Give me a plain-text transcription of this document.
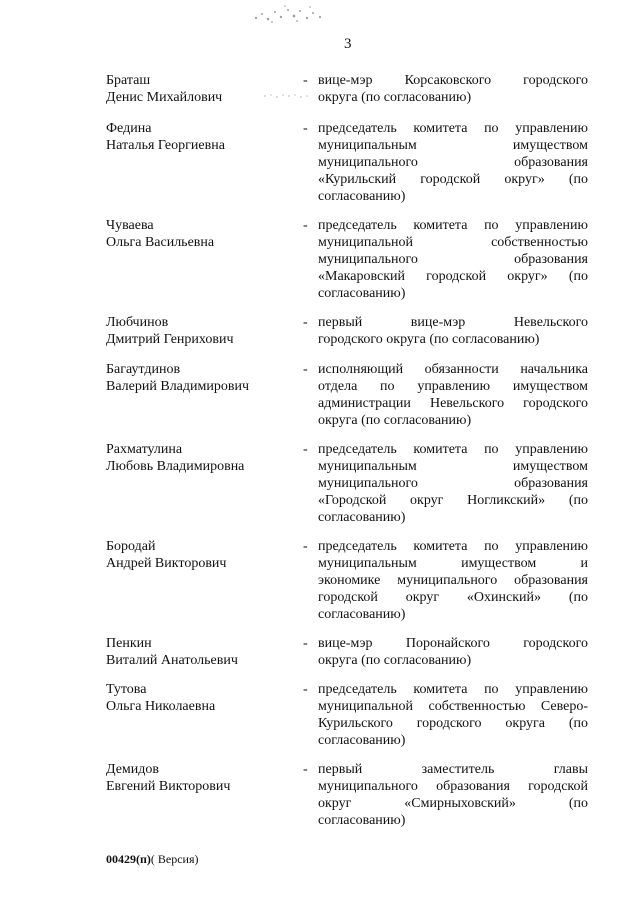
3
Браташ
Денис Михайлович
- вице-мэр Корсаковского городского
округа (по согласованию)
Федина
Наталья Георгиевна
- председатель комитета по управлению
муниципальным имуществом
муниципального образования
«Курильский городской округ» (по
согласованию)
Чуваева
Ольга Васильевна
- председатель комитета по управлению
муниципальной собственностью
муниципального образования
«Макаровский городской округ» (по
согласованию)
Любчинов
Дмитрий Генрихович
- первый вице-мэр Невельского
городского округа (по согласованию)
Багаутдинов
Валерий Владимирович
- исполняющий обязанности начальника
отдела по управлению имуществом
администрации Невельского городского
округа (по согласованию)
Рахматулина
Любовь Владимировна
- председатель комитета по управлению
муниципальным имуществом
муниципального образования
«Городской округ Ногликский» (по
согласованию)
Бородай
Андрей Викторович
- председатель комитета по управлению
муниципальным имуществом и
экономике муниципального образования
городской округ «Охинский» (по
согласованию)
Пенкин
Виталий Анатольевич
- вице-мэр Поронайского городского
округа (по согласованию)
Тутова
Ольга Николаевна
- председатель комитета по управлению
муниципальной собственностью Северо-
Курильского городского округа (по
согласованию)
Демидов
Евгений Викторович
- первый заместитель главы
муниципального образования городской
округ «Смирныховский» (по
согласованию)
00429(п)( Версия)
